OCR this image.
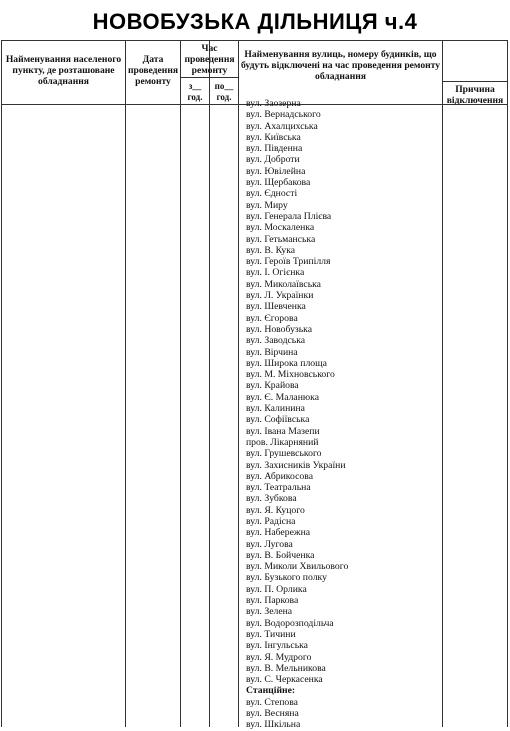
НОВОБУЗЬКА ДІЛЬНИЦЯ ч.4
Найменування населеного пункту, де розташоване обладнання
Дата проведення ремонту
Час проведення ремонту
з__ год.
по__ год.
Найменування вулиць, номеру будинків, що будуть відключені на час проведення ремонту обладнання
Причина відключення
вул. Заозерна
вул. Вернадського
вул. Ахалцихська
вул. Київська
вул. Південна
вул. Доброти
вул. Ювілейна
вул. Щербакова
вул. Єдності
вул. Миру
вул. Генерала Плієва
вул. Москаленка
вул. Гетьманська
вул. В. Кука
вул. Героїв Трипілля
вул. І. Огієнка
вул. Миколаївська
вул. Л. Українки
вул. Шевченка
вул. Єгорова
вул. Новобузька
вул. Заводська
вул. Вірчина
вул. Широка площа
вул. М. Міхновського
вул. Крайова
вул. Є. Маланюка
вул. Калинина
вул. Софіївська
вул. Івана Мазепи
пров. Лікарняний
вул. Грушевського
вул. Захисників України
вул. Абрикосова
вул. Театральна
вул. Зубкова
вул. Я. Куцого
вул. Радісна
вул. Набережна
вул. Лугова
вул. В. Бойченка
вул. Миколи Хвильового
вул. Бузького полку
вул. П. Орлика
вул. Паркова
вул. Зелена
вул. Водорозподільча
вул. Тичини
вул. Інгульська
вул. Я. Мудрого
вул. В. Мельникова
вул. С. Черкасенка
Станційне:
вул. Степова
вул. Весняна
вул. Шкільна
